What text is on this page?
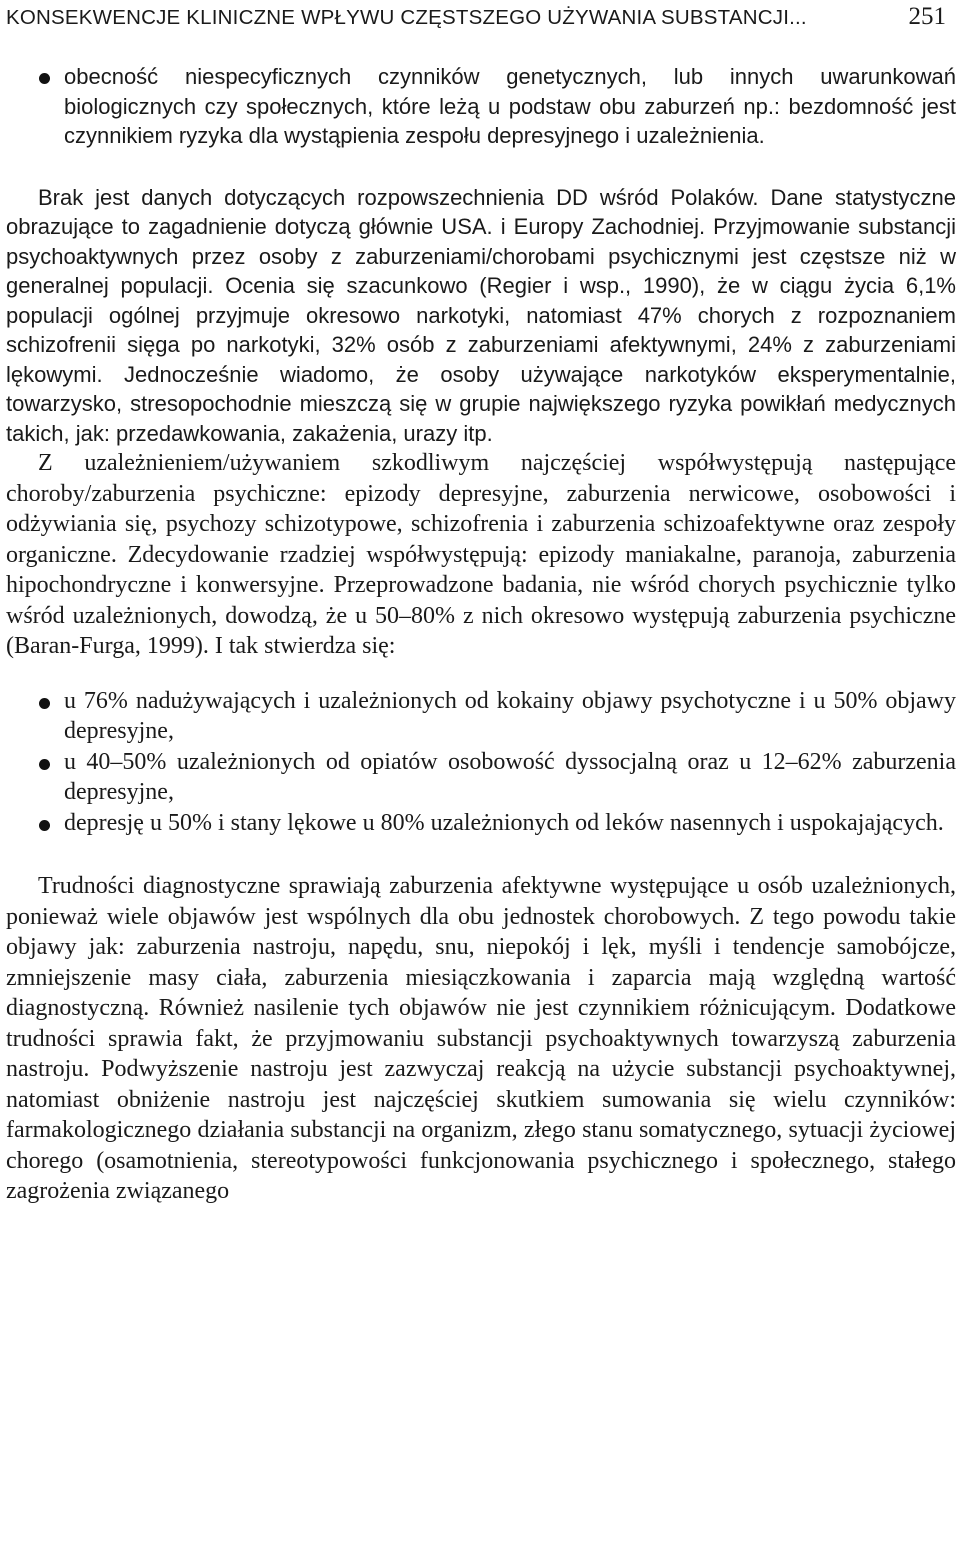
KONSEKWENCJE KLINICZNE WPŁYWU CZĘSTSZEGO UŻYWANIA SUBSTANCJI...	251
obecność niespecyficznych czynników genetycznych, lub innych uwarunkowań biologicznych czy społecznych, które leżą u podstaw obu zaburzeń np.: bezdomność jest czynnikiem ryzyka dla wystąpienia zespołu depresyjnego i uzależnienia.

Brak jest danych dotyczących rozpowszechnienia DD wśród Polaków. Dane statystyczne obrazujące to zagadnienie dotyczą głównie USA. i Europy Zachodniej. Przyjmowanie substancji psychoaktywnych przez osoby z zaburzeniami/chorobami psychicznymi jest częstsze niż w generalnej populacji. Ocenia się szacunkowo (Regier i wsp., 1990), że w ciągu życia 6,1% populacji ogólnej przyjmuje okresowo narkotyki, natomiast 47% chorych z rozpoznaniem schizofrenii sięga po narkotyki, 32% osób z zaburzeniami afektywnymi, 24% z zaburzeniami lękowymi. Jednocześnie wiadomo, że osoby używające narkotyków eksperymentalnie, towarzysko, stresopochodnie mieszczą się w grupie największego ryzyka powikłań medycznych takich, jak: przedawkowania, zakażenia, urazy itp.

Z uzależnieniem/używaniem szkodliwym najczęściej współwystępują następujące choroby/zaburzenia psychiczne: epizody depresyjne, zaburzenia nerwicowe, osobowości i odżywiania się, psychozy schizotypowe, schizofrenia i zaburzenia schizoafektywne oraz zespoły organiczne. Zdecydowanie rzadziej współwystępują: epizody maniakalne, paranoja, zaburzenia hipochondryczne i konwersyjne. Przeprowadzone badania, nie wśród chorych psychicznie tylko wśród uzależnionych, dowodzą, że u 50–80% z nich okresowo występują zaburzenia psychiczne (Baran-Furga, 1999). I tak stwierdza się:

u 76% nadużywających i uzależnionych od kokainy objawy psychotyczne i u 50% objawy depresyjne,
u 40–50% uzależnionych od opiatów osobowość dyssocjalną oraz u 12–62% zaburzenia depresyjne,
depresję u 50% i stany lękowe u 80% uzależnionych od leków nasennych i uspokajających.

Trudności diagnostyczne sprawiają zaburzenia afektywne występujące u osób uzależnionych, ponieważ wiele objawów jest wspólnych dla obu jednostek chorobowych. Z tego powodu takie objawy jak: zaburzenia nastroju, napędu, snu, niepokój i lęk, myśli i tendencje samobójcze, zmniejszenie masy ciała, zaburzenia miesiączkowania i zaparcia mają względną wartość diagnostyczną. Również nasilenie tych objawów nie jest czynnikiem różnicującym. Dodatkowe trudności sprawia fakt, że przyjmowaniu substancji psychoaktywnych towarzyszą zaburzenia nastroju. Podwyższenie nastroju jest zazwyczaj reakcją na użycie substancji psychoaktywnej, natomiast obniżenie nastroju jest najczęściej skutkiem sumowania się wielu czynników: farmakologicznego działania substancji na organizm, złego stanu somatycznego, sytuacji życiowej chorego (osamotnienia, stereotypowości funkcjonowania psychicznego i społecznego, stałego zagrożenia związanego
